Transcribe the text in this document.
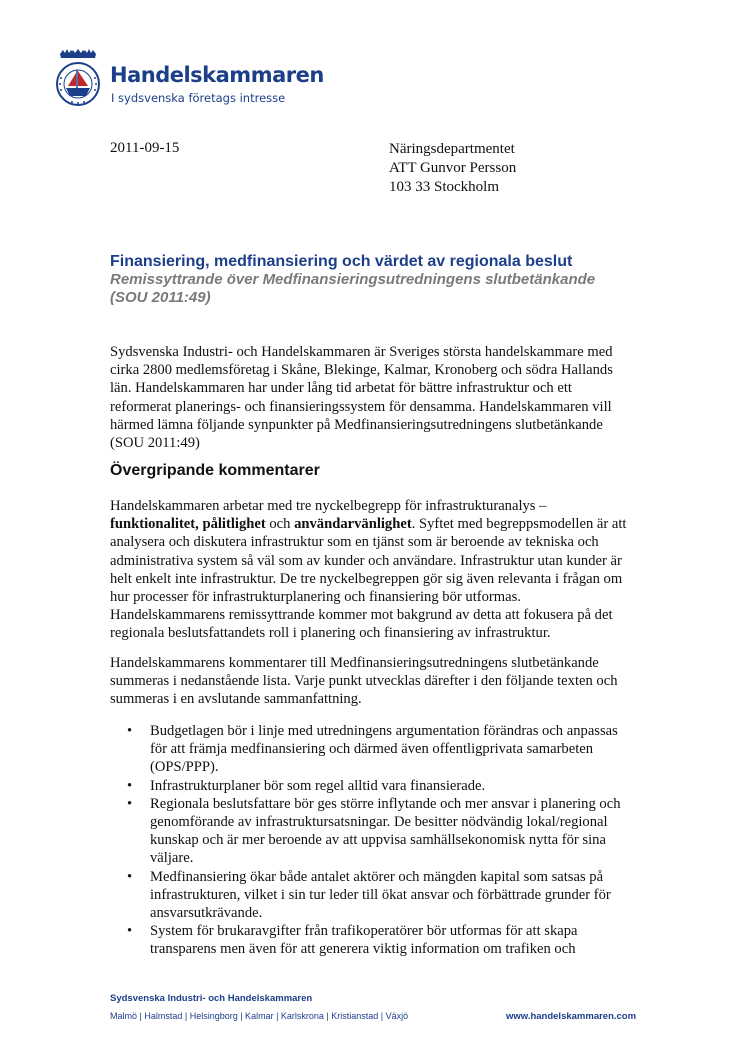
Handelskammaren
I sydsvenska företags intresse
2011-09-15	Näringsdepartmentet
ATT Gunvor Persson
103 33 Stockholm
Finansiering, medfinansiering och värdet av regionala beslut
Remissyttrande över Medfinansieringsutredningens slutbetänkande (SOU 2011:49)
Sydsvenska Industri- och Handelskammaren är Sveriges största handelskammare med cirka 2800 medlemsföretag i Skåne, Blekinge, Kalmar, Kronoberg och södra Hallands län. Handelskammaren har under lång tid arbetat för bättre infrastruktur och ett reformerat planerings- och finansieringssystem för densamma. Handelskammaren vill härmed lämna följande synpunkter på Medfinansieringsutredningens slutbetänkande (SOU 2011:49)
Övergripande kommentarer
Handelskammaren arbetar med tre nyckelbegrepp för infrastrukturanalys – funktionalitet, pålitlighet och användarvänlighet. Syftet med begreppsmodellen är att analysera och diskutera infrastruktur som en tjänst som är beroende av tekniska och administrativa system så väl som av kunder och användare. Infrastruktur utan kunder är helt enkelt inte infrastruktur. De tre nyckelbegreppen gör sig även relevanta i frågan om hur processer för infrastrukturplanering och finansiering bör utformas. Handelskammarens remissyttrande kommer mot bakgrund av detta att fokusera på det regionala beslutsfattandets roll i planering och finansiering av infrastruktur.
Handelskammarens kommentarer till Medfinansieringsutredningens slutbetänkande summeras i nedanstående lista. Varje punkt utvecklas därefter i den följande texten och summeras i en avslutande sammanfattning.
• Budgetlagen bör i linje med utredningens argumentation förändras och anpassas för att främja medfinansiering och därmed även offentligprivata samarbeten (OPS/PPP).
• Infrastrukturplaner bör som regel alltid vara finansierade.
• Regionala beslutsfattare bör ges större inflytande och mer ansvar i planering och genomförande av infrastruktursatsningar. De besitter nödvändig lokal/regional kunskap och är mer beroende av att uppvisa samhällsekonomisk nytta för sina väljare.
• Medfinansiering ökar både antalet aktörer och mängden kapital som satsas på infrastrukturen, vilket i sin tur leder till ökat ansvar och förbättrade grunder för ansvarsutkrävande.
• System för brukaravgifter från trafikoperatörer bör utformas för att skapa transparens men även för att generera viktig information om trafiken och
Sydsvenska Industri- och Handelskammaren
Malmö | Halmstad | Helsingborg | Kalmar | Karlskrona | Kristianstad | Växjö	www.handelskammaren.com
